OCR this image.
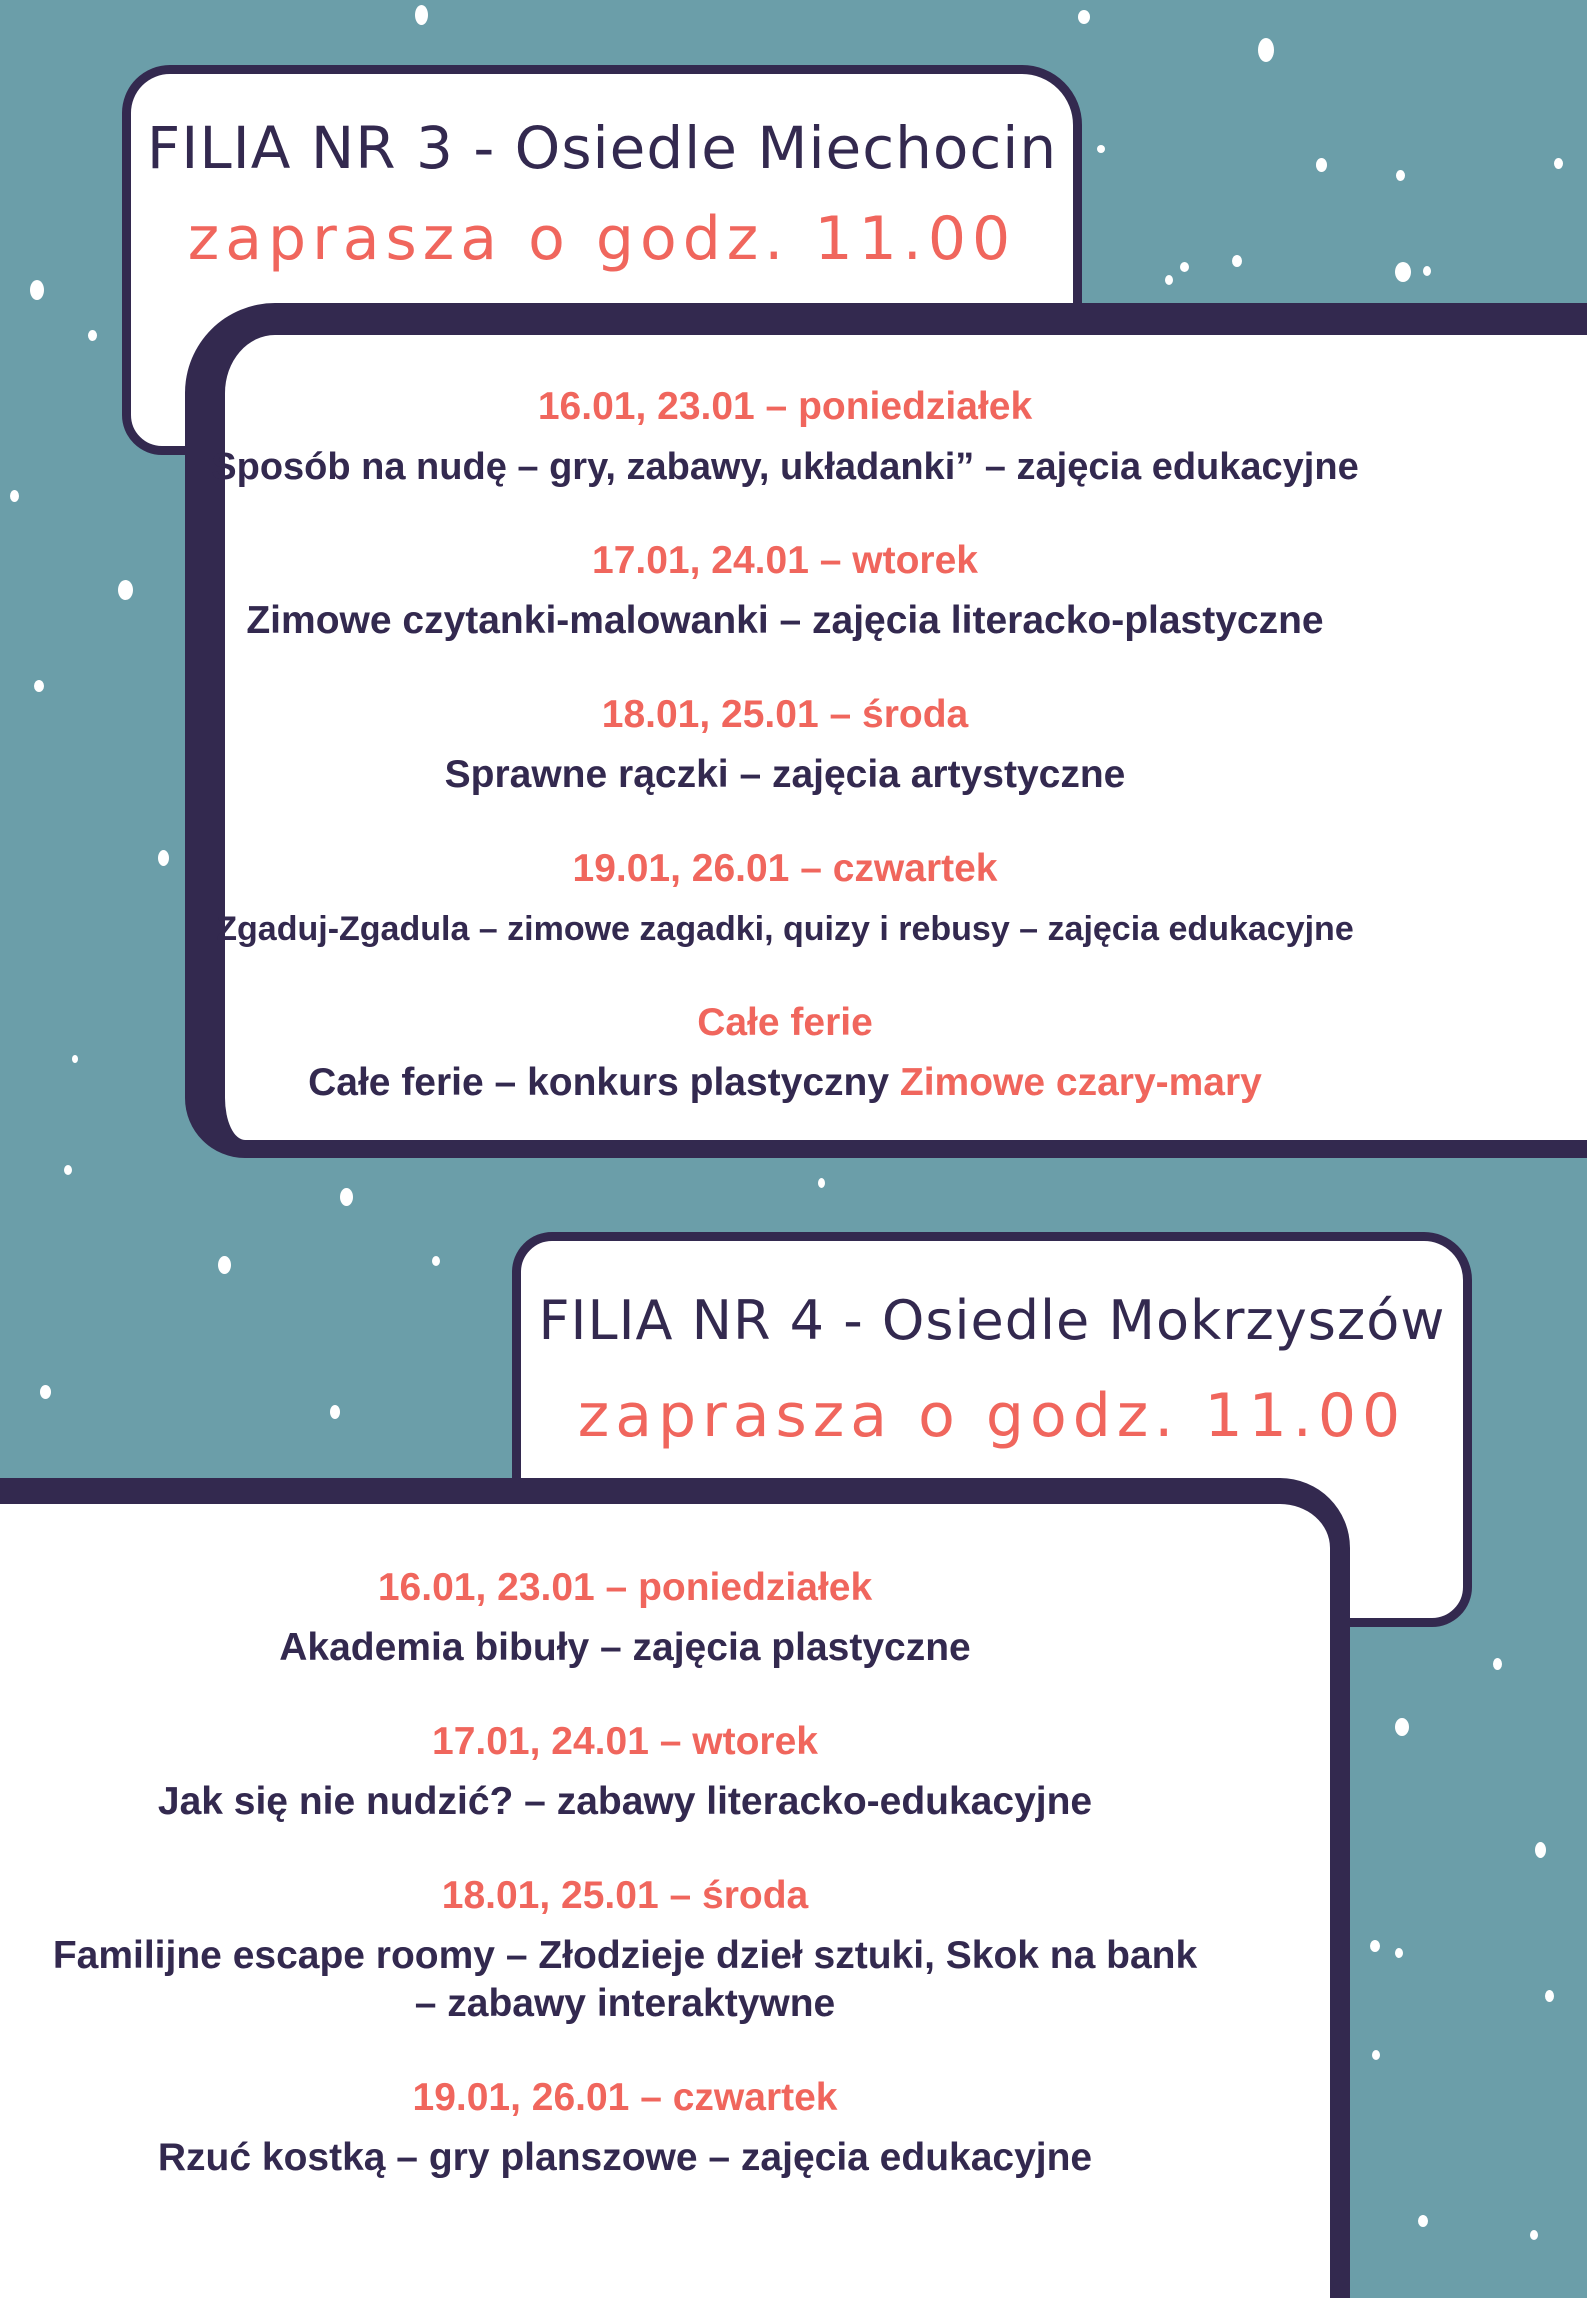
FILIA NR 3 - Osiedle Miechocin
zaprasza o godz. 11.00
16.01, 23.01 – poniedziałek
Sposób na nudę – gry, zabawy, układanki” – zajęcia edukacyjne
17.01, 24.01 – wtorek
Zimowe czytanki-malowanki – zajęcia literacko-plastyczne
18.01, 25.01 – środa
Sprawne rączki – zajęcia artystyczne
19.01, 26.01 – czwartek
Zgaduj-Zgadula – zimowe zagadki, quizy i rebusy – zajęcia edukacyjne
Całe ferie
Całe ferie – konkurs plastyczny Zimowe czary-mary
FILIA NR 4 - Osiedle Mokrzyszów
zaprasza o godz. 11.00
16.01, 23.01 – poniedziałek
Akademia bibuły – zajęcia plastyczne
17.01, 24.01 – wtorek
Jak się nie nudzić? – zabawy literacko-edukacyjne
18.01, 25.01 – środa
Familijne escape roomy – Złodzieje dzieł sztuki, Skok na bank
– zabawy interaktywne
19.01, 26.01 – czwartek
Rzuć kostką – gry planszowe – zajęcia edukacyjne
